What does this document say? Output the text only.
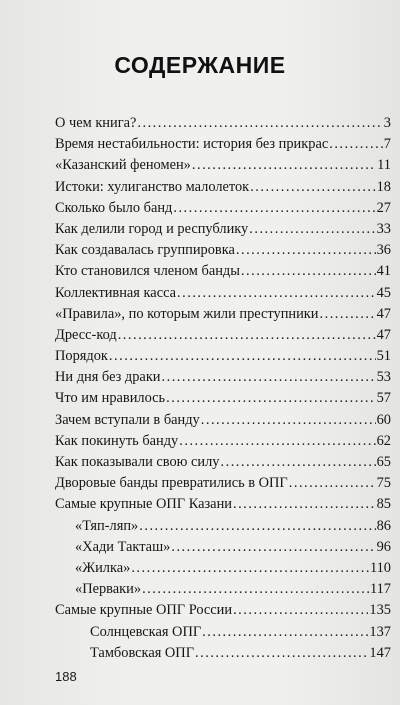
СОДЕРЖАНИЕ
О чем книга? .....	3
Время нестабильности: история без прикрас .....	7
«Казанский феномен» .....	11
Истоки: хулиганство малолеток .....	18
Сколько было банд .....	27
Как делили город и республику .....	33
Как создавалась группировка .....	36
Кто становился членом банды .....	41
Коллективная касса .....	45
«Правила», по которым жили преступники .....	47
Дресс-код .....	47
Порядок .....	51
Ни дня без драки .....	53
Что им нравилось .....	57
Зачем вступали в банду .....	60
Как покинуть банду .....	62
Как показывали свою силу .....	65
Дворовые банды превратились в ОПГ .....	75
Самые крупные ОПГ Казани .....	85
«Тяп-ляп» .....	86
«Хади Такташ» .....	96
«Жилка» .....	110
«Перваки» .....	117
Самые крупные ОПГ России .....	135
Солнцевская ОПГ .....	137
Тамбовская ОПГ .....	147
188
